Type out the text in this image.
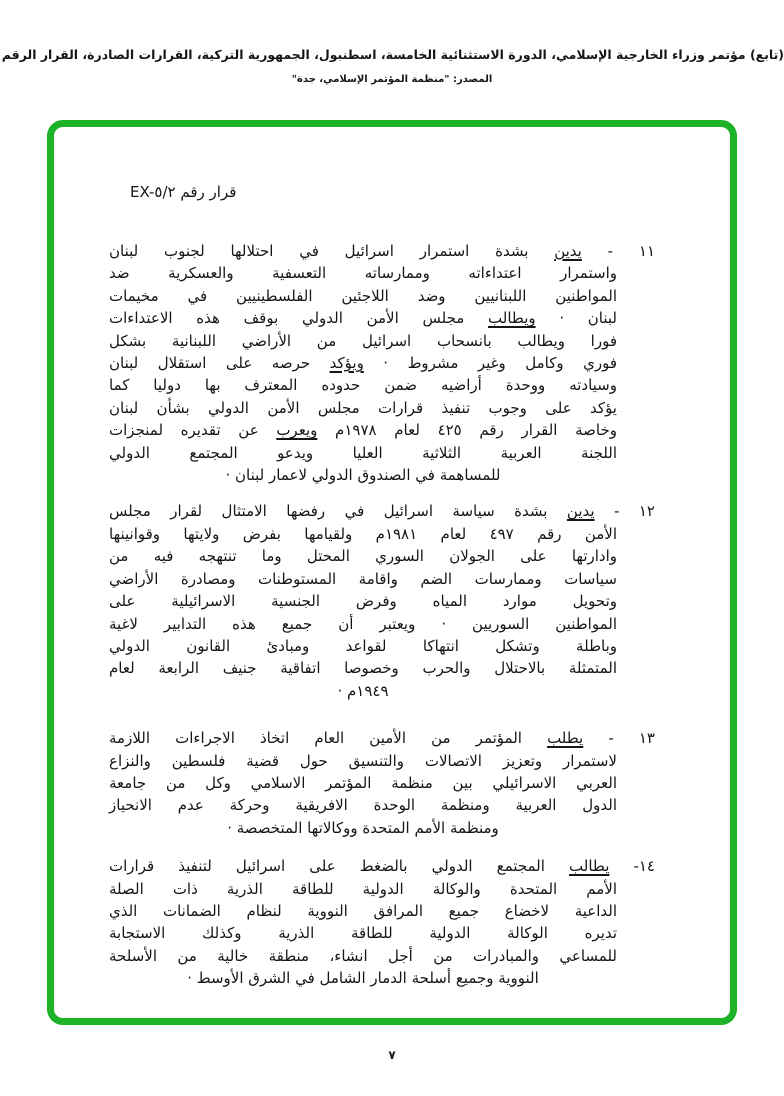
(تابع) مؤتمر وزراء الخارجية الإسلامي، الدورة الاستثنائية الخامسة، اسطنبول، الجمهورية التركية، القرارات الصادرة، القرار الرقم
المصدر: "منظمة المؤتمر الإسلامي، جدة"
قرار رقم EX-٥/٢
١١ - يدين بشدة استمرار اسرائيل في احتلالها لجنوب لبنان
واستمرار اعتداءاته وممارساته التعسفية والعسكرية ضد
المواطنين اللبنانيين وضد اللاجئين الفلسطينيين في مخيمات
لبنان · ويطالب مجلس الأمن الدولي بوقف هذه الاعتداءات
فورا ويطالب بانسحاب اسرائيل من الأراضي اللبنانية بشكل
فوري وكامل وغير مشروط · ويؤكد حرصه على استقلال لبنان
وسيادته ووحدة أراضيه ضمن حدوده المعترف بها دوليا كما
يؤكد على وجوب تنفيذ قرارات مجلس الأمن الدولي بشأن لبنان
وخاصة القرار رقم ٤٢٥ لعام ١٩٧٨م ويعرب عن تقديره لمنجزات
اللجنة العربية الثلاثية العليا ويدعو المجتمع الدولي
للمساهمة في الصندوق الدولي لاعمار لبنان ·
١٢ - يدين بشدة سياسة اسرائيل في رفضها الامتثال لقرار مجلس
الأمن رقم ٤٩٧ لعام ١٩٨١م ولقيامها بفرض ولايتها وقوانينها
وادارتها على الجولان السوري المحتل وما تنتهجه فيه من
سياسات وممارسات الضم واقامة المستوطنات ومصادرة الأراضي
وتحويل موارد المياه وفرض الجنسية الاسرائيلية على
المواطنين السوريين · ويعتبر أن جميع هذه التدابير لاغية
وباطلة وتشكل انتهاكا لقواعد ومبادئ القانون الدولي
المتمثلة بالاحتلال والحرب وخصوصا اتفاقية جنيف الرابعة لعام
١٩٤٩م ·
١٣ - يطلب المؤتمر من الأمين العام اتخاذ الاجراءات اللازمة
لاستمرار وتعزيز الاتصالات والتنسيق حول قضية فلسطين والنزاع
العربي الاسرائيلي بين منظمة المؤتمر الاسلامي وكل من جامعة
الدول العربية ومنظمة الوحدة الافريقية وحركة عدم الانحياز
ومنظمة الأمم المتحدة ووكالاتها المتخصصة ·
١٤- يطالب المجتمع الدولي بالضغط على اسرائيل لتنفيذ قرارات
الأمم المتحدة والوكالة الدولية للطاقة الذرية ذات الصلة
الداعية لاخضاع جميع المرافق النووية لنظام الضمانات الذي
تديره الوكالة الدولية للطاقة الذرية وكذلك الاستجابة
للمساعي والمبادرات من أجل انشاء، منطقة خالية من الأسلحة
النووية وجميع أسلحة الدمار الشامل في الشرق الأوسط ·
٧
